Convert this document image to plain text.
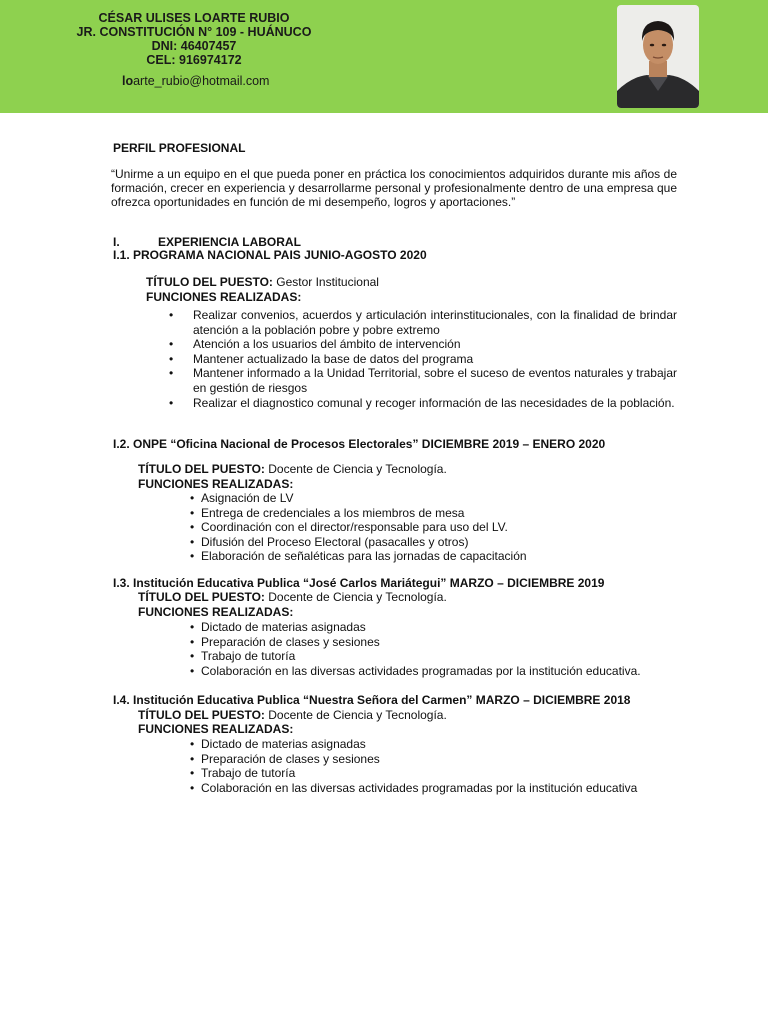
CÉSAR ULISES LOARTE RUBIO
JR. CONSTITUCIÓN N° 109 - HUÁNUCO
DNI: 46407457
CEL: 916974172
loarte_rubio@hotmail.com
PERFIL PROFESIONAL

“Unirme a un equipo en el que pueda poner en práctica los conocimientos adquiridos durante mis años de formación, crecer en experiencia y desarrollarme personal y profesionalmente dentro de una empresa que ofrezca oportunidades en función de mi desempeño, logros y aportaciones.”

I.	EXPERIENCIA LABORAL
I.1. PROGRAMA NACIONAL PAIS JUNIO-AGOSTO 2020
TÍTULO DEL PUESTO: Gestor Institucional
FUNCIONES REALIZADAS:
• Realizar convenios, acuerdos y articulación interinstitucionales, con la finalidad de brindar atención a la población pobre y pobre extremo
• Atención a los usuarios del ámbito de intervención
• Mantener actualizado la base de datos del programa
• Mantener informado a la Unidad Territorial, sobre el suceso de eventos naturales y trabajar en gestión de riesgos
• Realizar el diagnostico comunal y recoger información de las necesidades de la población.
I.2. ONPE “Oficina Nacional de Procesos Electorales” DICIEMBRE 2019 – ENERO 2020
TÍTULO DEL PUESTO: Docente de Ciencia y Tecnología.
FUNCIONES REALIZADAS:
• Asignación de LV
• Entrega de credenciales a los miembros de mesa
• Coordinación con el director/responsable para uso del LV.
• Difusión del Proceso Electoral (pasacalles y otros)
• Elaboración de señaléticas para las jornadas de capacitación
I.3. Institución Educativa Publica “José Carlos Mariátegui” MARZO – DICIEMBRE 2019
TÍTULO DEL PUESTO: Docente de Ciencia y Tecnología.
FUNCIONES REALIZADAS:
• Dictado de materias asignadas
• Preparación de clases y sesiones
• Trabajo de tutoría
• Colaboración en las diversas actividades programadas por la institución educativa.
I.4. Institución Educativa Publica “Nuestra Señora del Carmen” MARZO – DICIEMBRE 2018
TÍTULO DEL PUESTO: Docente de Ciencia y Tecnología.
FUNCIONES REALIZADAS:
• Dictado de materias asignadas
• Preparación de clases y sesiones
• Trabajo de tutoría
• Colaboración en las diversas actividades programadas por la institución educativa
